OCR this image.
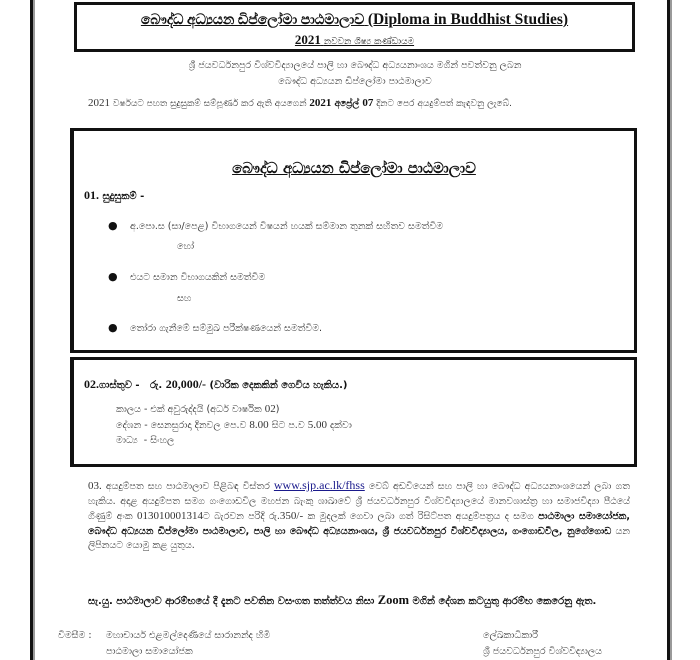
බෞද්ධ අධ්‍යයන ඩිප්ලෝමා පාඨමාලාව (Diploma in Buddhist Studies)
2021 නවවන ශිෂ්‍ය කණ්ඩායම
ශ්‍රී ජයවර්ධනපුර විශ්වවිද්‍යාලයේ පාලි හා බෞද්ධ අධ්‍යයනාංශය මගින් පවත්වනු ලබන
බෞද්ධ අධ්‍යයන ඩිප්ලෝමා පාඨමාලාව
2021 වර්ෂයට පහත සුදුසුකම් සම්පූර්ණ කර ඇති අයගෙන් 2021 අප්‍රේල් 07 දිනට පෙර අයදුම්පත් කැඳවනු ලැබේ.
බෞද්ධ අධ්‍යයන ඩිප්ලෝමා පාඨමාලාව
01. සුදුසුකම් -
● අ.පො.ස (සා/පෙළ) විභාගයෙන් විෂයන් හයක් සම්මාන තුනක් සහිතව සමත්වීම
හෝ
● එයට සමාන විභාගයකින් සමත්වීම
සහ
● තෝරා ගැනීමේ සම්මුඛ පරීක්ෂණයෙන් සමත්වීම.
02.ගාස්තුව - රු. 20,000/- (වාරික දෙකකින් ගෙවිය හැකිය.)
කාලය - එක් අවුරුද්දයි (අර්ධ වාර්ෂික 02)
දේශන - සෙනසුරාදා දිනවල පෙ.ව 8.00 සිට ප.ව 5.00 දක්වා
මාධ්‍ය  - සිංහල
03. අයදුම්පත සහ පාඨමාලාව පිළිබඳ විස්තර www.sjp.ac.lk/fhss වෙබ් අඩවියෙන් සහ පාලි හා බෞද්ධ අධ්‍යයනාංශයෙන් ලබා ගත හැකිය. අදාළ අයදුම්පත සමග ගංගොඩවිල මහජන බැංකු ශාඛාවේ ශ්‍රී ජයවර්ධනපුර විශ්වවිද්‍යාලයේ මානවශාස්ත්‍ර හා සමාජවිද්‍යා පීඨයේ ගිණුම් අංක 013010001314ට බැරවන පරිදි රු.350/- ක මුදලක් ගෙවා ලබා ගත් රිසිට්පත අයදුම්පත්‍රය ද සමග පාඨමාලා සමායෝජක, බෞද්ධ අධ්‍යයන ඩිප්ලෝමා පාඨමාලාව, පාලි හා බෞද්ධ අධ්‍යයනාංශය, ශ්‍රී ජයවර්ධනපුර විශ්වවිද්‍යාලය, ගංගොඩවිල, නුගේගොඩ යන ලිපිනයට යොමු කළ යුතුය.
සැ.යු. පාඨමාලාව ආරම්භයේ දී දැනට පවතින වසංගත තත්ත්වය නිසා Zoom මගින් දේශන කටයුතු ආරම්භ කෙරෙනු ඇත.
විමසීම : මහාචාර්ය එළමල්දෙණියේ සාරානන්ද හිමි
පාඨමාලා සමායෝජක
ලේඛකාධිකාරී
ශ්‍රී ජයවර්ධනපුර විශ්වවිද්‍යාලය
